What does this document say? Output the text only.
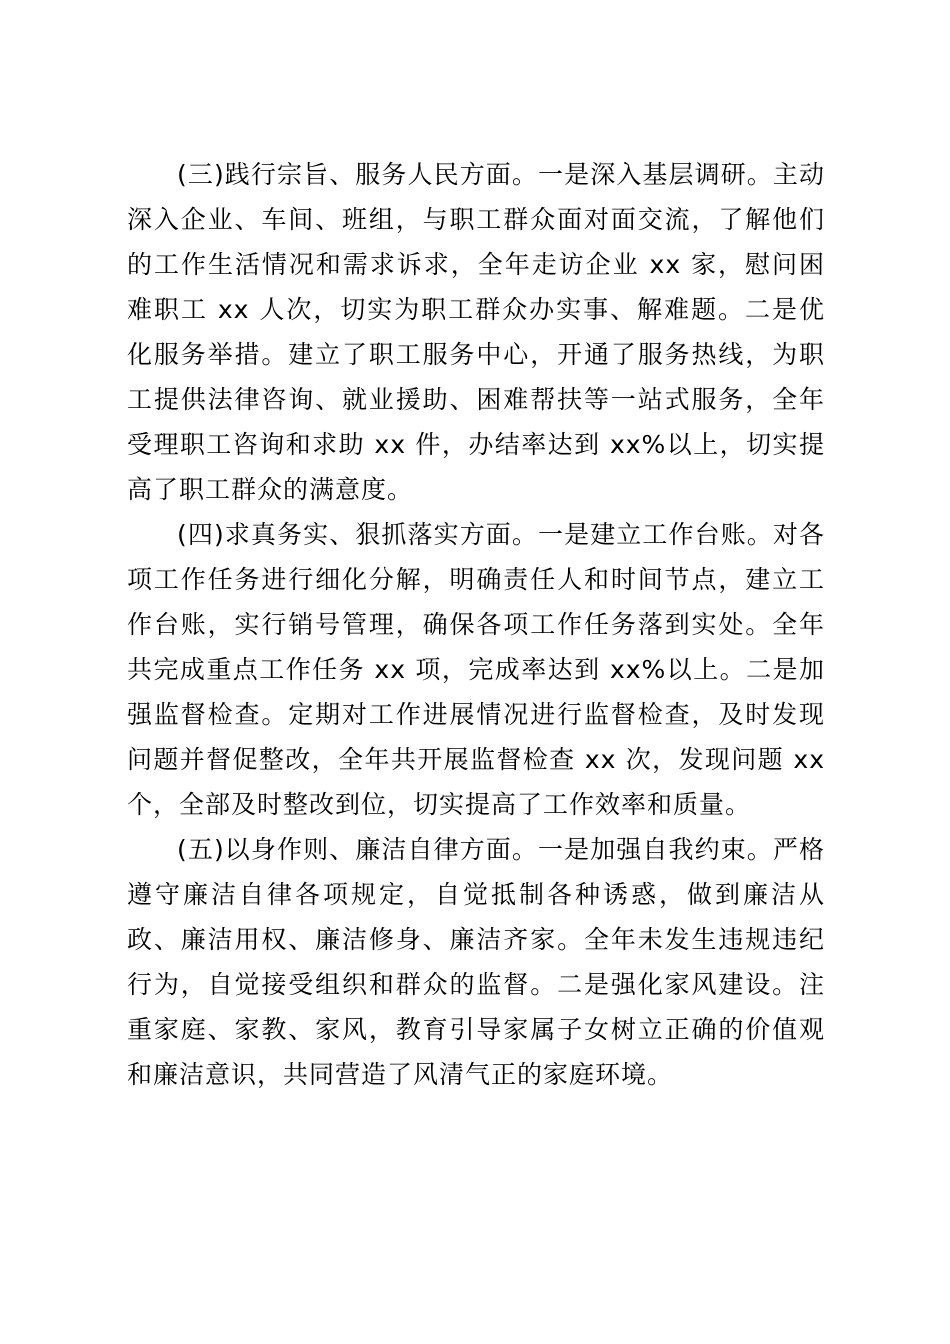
(三)践行宗旨、服务人民方面。一是深入基层调研。主动深入企业、车间、班组，与职工群众面对面交流，了解他们的工作生活情况和需求诉求，全年走访企业 xx 家，慰问困难职工 xx 人次，切实为职工群众办实事、解难题。二是优化服务举措。建立了职工服务中心，开通了服务热线，为职工提供法律咨询、就业援助、困难帮扶等一站式服务，全年受理职工咨询和求助 xx 件，办结率达到 xx%以上，切实提高了职工群众的满意度。

(四)求真务实、狠抓落实方面。一是建立工作台账。对各项工作任务进行细化分解，明确责任人和时间节点，建立工作台账，实行销号管理，确保各项工作任务落到实处。全年共完成重点工作任务 xx 项，完成率达到 xx%以上。二是加强监督检查。定期对工作进展情况进行监督检查，及时发现问题并督促整改，全年共开展监督检查 xx 次，发现问题 xx 个，全部及时整改到位，切实提高了工作效率和质量。

(五)以身作则、廉洁自律方面。一是加强自我约束。严格遵守廉洁自律各项规定，自觉抵制各种诱惑，做到廉洁从政、廉洁用权、廉洁修身、廉洁齐家。全年未发生违规违纪行为，自觉接受组织和群众的监督。二是强化家风建设。注重家庭、家教、家风，教育引导家属子女树立正确的价值观和廉洁意识，共同营造了风清气正的家庭环境。
